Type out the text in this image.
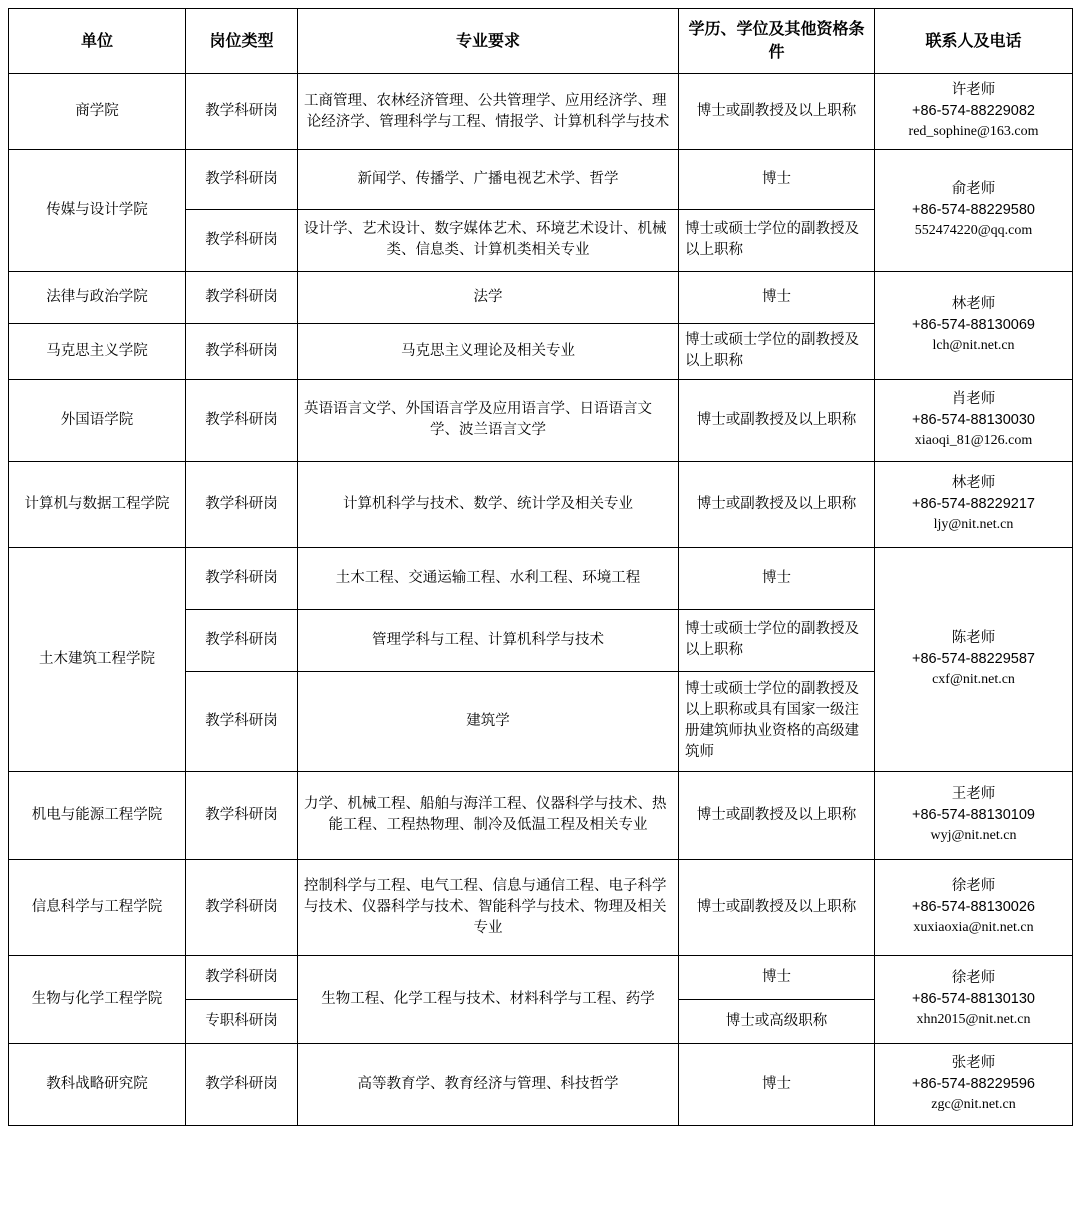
单位	岗位类型	专业要求	学历、学位及其他资格条件	联系人及电话
商学院	教学科研岗	工商管理、农林经济管理、公共管理学、应用经济学、理论经济学、管理科学与工程、情报学、计算机科学与技术	博士或副教授及以上职称	许老师
+86-574-88229082
red_sophine@163.com

传媒与设计学院	教学科研岗	新闻学、传播学、广播电视艺术学、哲学	博士	俞老师
+86-574-88229580
552474220@qq.com

	教学科研岗	设计学、艺术设计、数字媒体艺术、环境艺术设计、机械类、信息类、计算机类相关专业	博士或硕士学位的副教授及以上职称	
法律与政治学院	教学科研岗	法学	博士	林老师
+86-574-88130069
lch@nit.net.cn

马克思主义学院	教学科研岗	马克思主义理论及相关专业	博士或硕士学位的副教授及以上职称	
外国语学院	教学科研岗	英语语言文学、外国语言学及应用语言学、日语语言文学、波兰语言文学	博士或副教授及以上职称	肖老师
+86-574-88130030
xiaoqi_81@126.com

计算机与数据工程学院	教学科研岗	计算机科学与技术、数学、统计学及相关专业	博士或副教授及以上职称	林老师
+86-574-88229217
ljy@nit.net.cn

土木建筑工程学院	教学科研岗	土木工程、交通运输工程、水利工程、环境工程	博士	陈老师
+86-574-88229587
cxf@nit.net.cn

	教学科研岗	管理学科与工程、计算机科学与技术	博士或硕士学位的副教授及以上职称	
	教学科研岗	建筑学	博士或硕士学位的副教授及以上职称或具有国家一级注册建筑师执业资格的高级建筑师	
机电与能源工程学院	教学科研岗	力学、机械工程、船舶与海洋工程、仪器科学与技术、热能工程、工程热物理、制冷及低温工程及相关专业	博士或副教授及以上职称	王老师
+86-574-88130109
wyj@nit.net.cn

信息科学与工程学院	教学科研岗	控制科学与工程、电气工程、信息与通信工程、电子科学与技术、仪器科学与技术、智能科学与技术、物理及相关专业	博士或副教授及以上职称	徐老师
+86-574-88130026
xuxiaoxia@nit.net.cn

生物与化学工程学院	教学科研岗	生物工程、化学工程与技术、材料科学与工程、药学	博士	徐老师
+86-574-88130130
xhn2015@nit.net.cn

	专职科研岗		博士或高级职称	
教科战略研究院	教学科研岗	高等教育学、教育经济与管理、科技哲学	博士	张老师
+86-574-88229596
zgc@nit.net.cn
